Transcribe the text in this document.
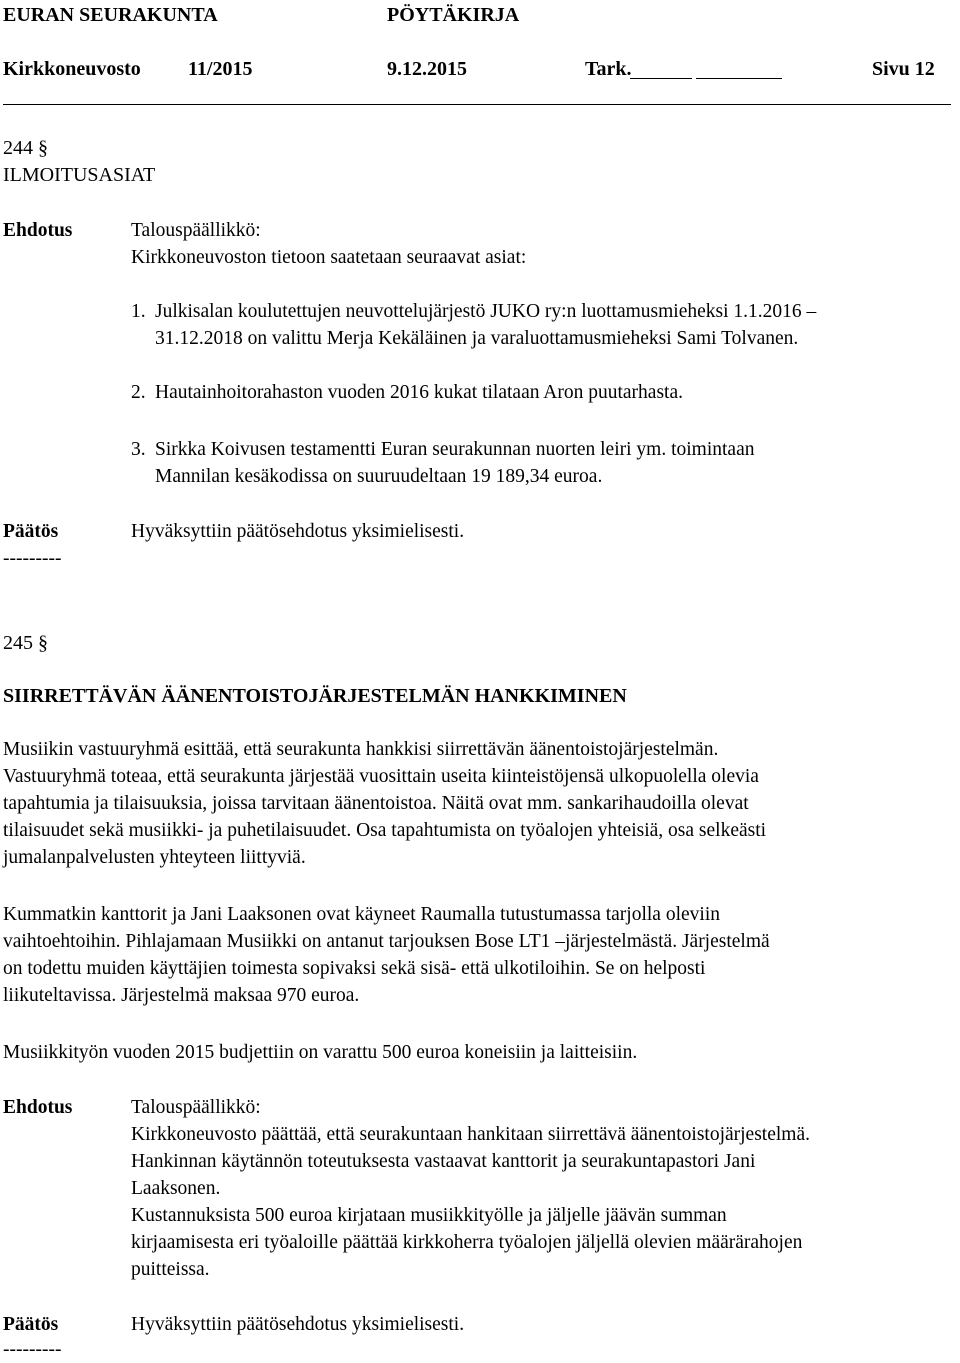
EURAN SEURAKUNTA	PÖYTÄKIRJA
Kirkkoneuvosto 11/2015	9.12.2015	Tark.	Sivu 12
244 §
ILMOITUSASIAT
Ehdotus	Talouspäällikkö:
Kirkkoneuvoston tietoon saatetaan seuraavat asiat:
1. Julkisalan koulutettujen neuvottelujärjestö JUKO ry:n luottamusmieheksi 1.1.2016 –
31.12.2018 on valittu Merja Kekäläinen ja varaluottamusmieheksi Sami Tolvanen.
2. Hautainhoitorahaston vuoden 2016 kukat tilataan Aron puutarhasta.
3. Sirkka Koivusen testamentti Euran seurakunnan nuorten leiri ym. toimintaan
Mannilan kesäkodissa on suuruudeltaan 19 189,34 euroa.
Päätös	Hyväksyttiin päätösehdotus yksimielisesti.
---------
245 §
SIIRRETTÄVÄN ÄÄNENTOISTOJÄRJESTELMÄN HANKKIMINEN
Musiikin vastuuryhmä esittää, että seurakunta hankkisi siirrettävän äänentoistojärjestelmän.
Vastuuryhmä toteaa, että seurakunta järjestää vuosittain useita kiinteistöjensä ulkopuolella olevia
tapahtumia ja tilaisuuksia, joissa tarvitaan äänentoistoa. Näitä ovat mm. sankarihaudoilla olevat
tilaisuudet sekä musiikki- ja puhetilaisuudet. Osa tapahtumista on työalojen yhteisiä, osa selkeästi
jumalanpalvelusten yhteyteen liittyviä.
Kummatkin kanttorit ja Jani Laaksonen ovat käyneet Raumalla tutustumassa tarjolla oleviin
vaihtoehtoihin. Pihlajamaan Musiikki on antanut tarjouksen Bose LT1 –järjestelmästä. Järjestelmä
on todettu muiden käyttäjien toimesta sopivaksi sekä sisä- että ulkotiloihin. Se on helposti
liikuteltavissa. Järjestelmä maksaa 970 euroa.
Musiikkityön vuoden 2015 budjettiin on varattu 500 euroa koneisiin ja laitteisiin.
Ehdotus	Talouspäällikkö:
Kirkkoneuvosto päättää, että seurakuntaan hankitaan siirrettävä äänentoistojärjestelmä.
Hankinnan käytännön toteutuksesta vastaavat kanttorit ja seurakuntapastori Jani
Laaksonen.
Kustannuksista 500 euroa kirjataan musiikkityölle ja jäljelle jäävän summan
kirjaamisesta eri työaloille päättää kirkkoherra työalojen jäljellä olevien määrärahojen
puitteissa.
Päätös	Hyväksyttiin päätösehdotus yksimielisesti.
---------
